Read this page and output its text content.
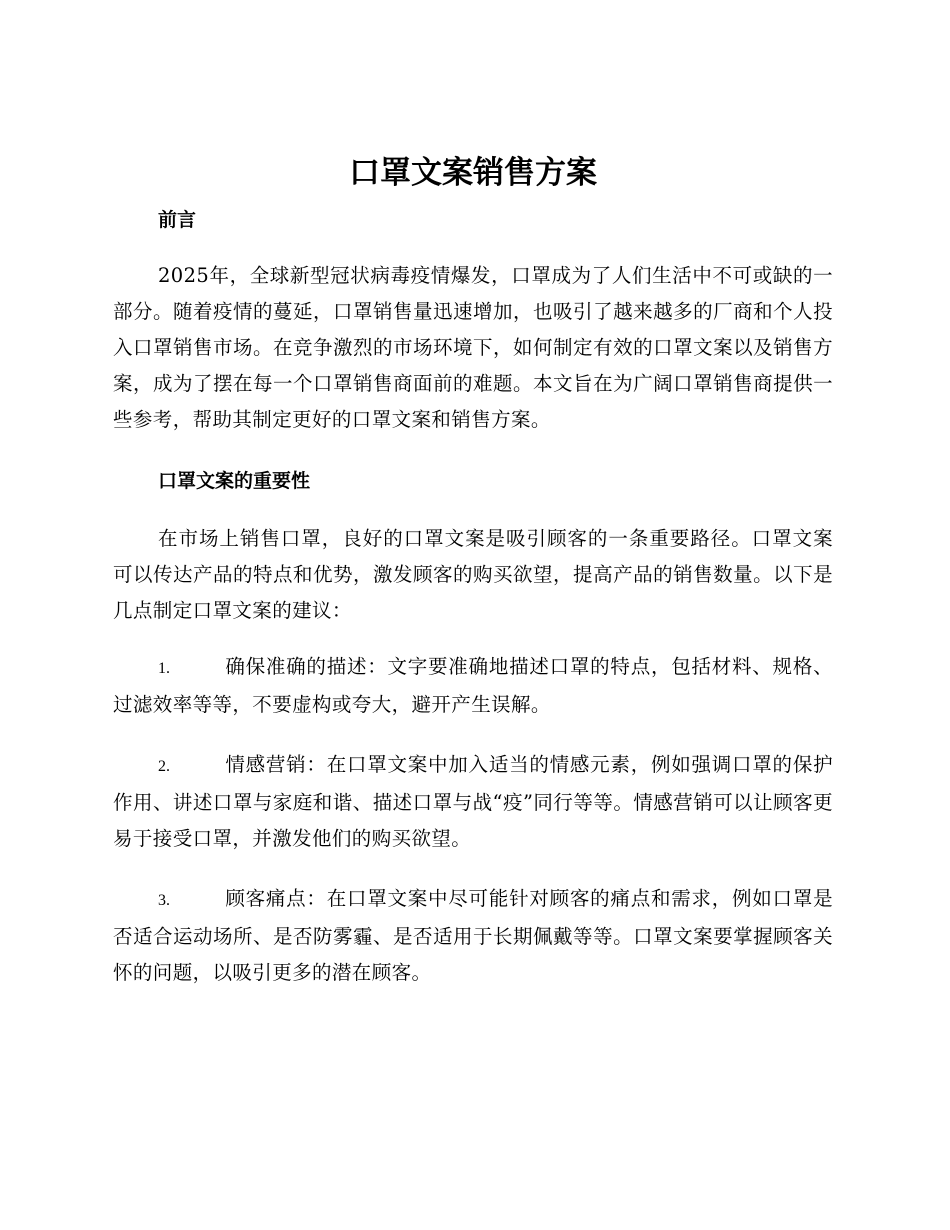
口罩文案销售方案
前言

2025年，全球新型冠状病毒疫情爆发，口罩成为了人们生活中不可或缺的一部分。随着疫情的蔓延，口罩销售量迅速增加，也吸引了越来越多的厂商和个人投入口罩销售市场。在竞争激烈的市场环境下，如何制定有效的口罩文案以及销售方案，成为了摆在每一个口罩销售商面前的难题。本文旨在为广阔口罩销售商提供一些参考，帮助其制定更好的口罩文案和销售方案。

口罩文案的重要性

在市场上销售口罩，良好的口罩文案是吸引顾客的一条重要路径。口罩文案可以传达产品的特点和优势，激发顾客的购买欲望，提高产品的销售数量。以下是几点制定口罩文案的建议：

1.	确保准确的描述：文字要准确地描述口罩的特点，包括材料、规格、过滤效率等等，不要虚构或夸大，避开产生误解。
2.	情感营销：在口罩文案中加入适当的情感元素，例如强调口罩的保护作用、讲述口罩与家庭和谐、描述口罩与战“疫”同行等等。情感营销可以让顾客更易于接受口罩，并激发他们的购买欲望。
3.	顾客痛点：在口罩文案中尽可能针对顾客的痛点和需求，例如口罩是否适合运动场所、是否防雾霾、是否适用于长期佩戴等等。口罩文案要掌握顾客关怀的问题，以吸引更多的潜在顾客。
